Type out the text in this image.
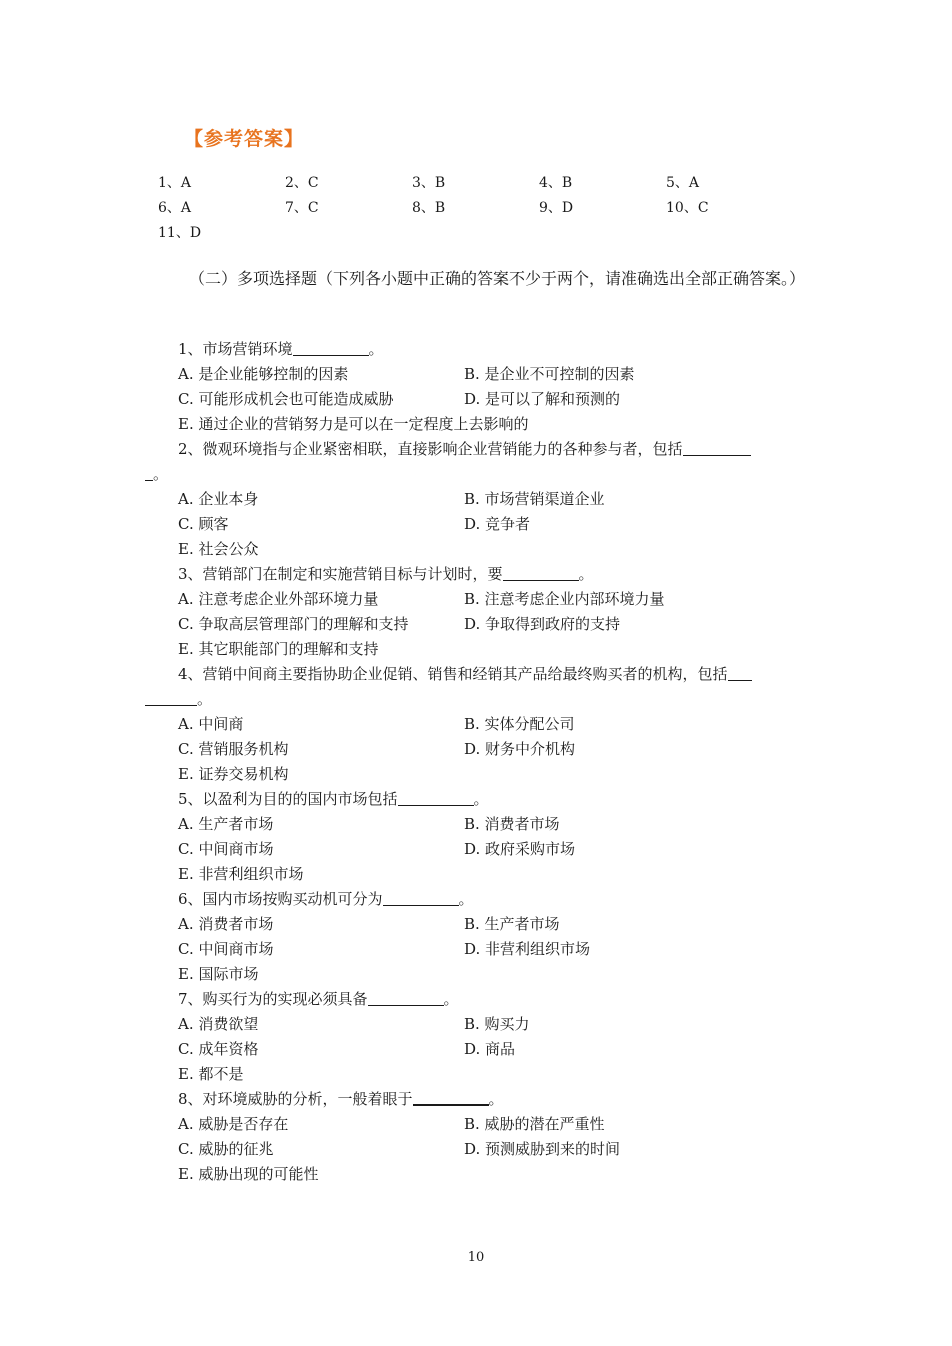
【参考答案】
1、A	2、C	3、B	4、B	5、A
6、A	7、C	8、B	9、D	10、C
11、D
（二）多项选择题（下列各小题中正确的答案不少于两个，请准确选出全部正确答案。）
1、市场营销环境	。
A. 是企业能够控制的因素	B. 是企业不可控制的因素
C. 可能形成机会也可能造成威胁	D. 是可以了解和预测的
E. 通过企业的营销努力是可以在一定程度上去影响的
2、微观环境指与企业紧密相联，直接影响企业营销能力的各种参与者，包括
。
A. 企业本身	B. 市场营销渠道企业
C. 顾客	D. 竞争者
E. 社会公众
3、营销部门在制定和实施营销目标与计划时，要	。
A. 注意考虑企业外部环境力量	B. 注意考虑企业内部环境力量
C. 争取高层管理部门的理解和支持	D. 争取得到政府的支持
E. 其它职能部门的理解和支持
4、营销中间商主要指协助企业促销、销售和经销其产品给最终购买者的机构，包括
。
A. 中间商	B. 实体分配公司
C. 营销服务机构	D. 财务中介机构
E. 证券交易机构
5、以盈利为目的的国内市场包括	。
A. 生产者市场	B. 消费者市场
C. 中间商市场	D. 政府采购市场
E. 非营利组织市场
6、国内市场按购买动机可分为	。
A. 消费者市场	B. 生产者市场
C. 中间商市场	D. 非营利组织市场
E. 国际市场
7、购买行为的实现必须具备	。
A. 消费欲望	B. 购买力
C. 成年资格	D. 商品
E. 都不是
8、对环境威胁的分析，一般着眼于	。
A. 威胁是否存在	B. 威胁的潜在严重性
C. 威胁的征兆	D. 预测威胁到来的时间
E. 威胁出现的可能性
10
